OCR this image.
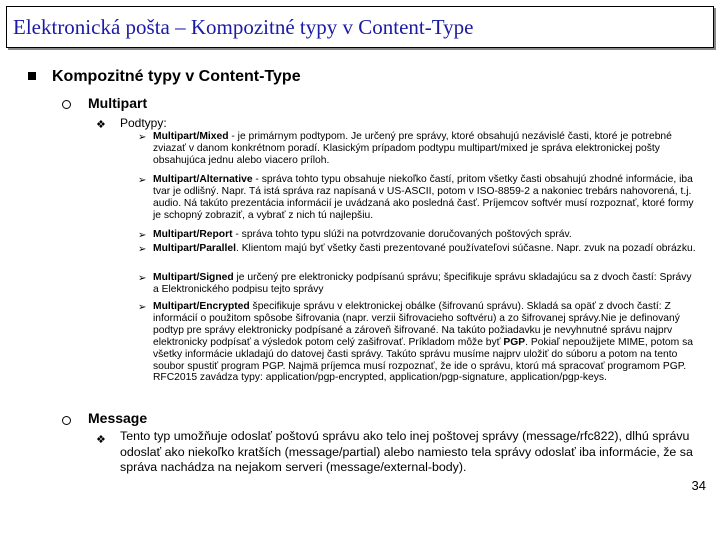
Elektronická pošta – Kompozitné typy v Content-Type
Kompozitné typy v Content-Type
Multipart
❖ Podtypy:
➢ Multipart/Mixed - je primárnym podtypom. Je určený pre správy, ktoré obsahujú nezávislé časti, ktoré je potrebné zviazať v danom konkrétnom poradí. Klasickým prípadom podtypu multipart/mixed je správa elektronickej pošty obsahujúca jednu alebo viacero príloh.

➢ Multipart/Alternative - správa tohto typu obsahuje niekoľko častí, pritom všetky časti obsahujú zhodné informácie, iba tvar je odlišný. Napr. Tá istá správa raz napísaná v US-ASCII, potom v ISO-8859-2 a nakoniec trebárs nahovorená, t.j. audio. Ná takúto prezentácia informácií je uvádzaná ako posledná časť. Príjemcov softvér musí rozpoznať, ktoré formy je schopný zobraziť, a vybrať z nich tú najlepšiu.

➢ Multipart/Report - správa tohto typu slúži na potvrdzovanie doručovaných poštových správ.

➢ Multipart/Parallel. Klientom majú byť všetky časti prezentované používateľovi súčasne. Napr. zvuk na pozadí obrázku.

➢ Multipart/Signed je určený pre elektronicky podpísanú správu; špecifikuje správu skladajúcu sa z dvoch častí: Správy a Elektronického podpisu tejto správy

➢ Multipart/Encrypted špecifikuje správu v elektronickej obálke (šifrovanú správu). Skladá sa opäť z dvoch častí: Z informácií o použitom spôsobe šifrovania (napr. verzii šifrovacieho softvéru) a zo šifrovanej správy.Nie je definovaný podtyp pre správy elektronicky podpísané a zároveň šifrované. Na takúto požiadavku je nevyhnutné správu najprv elektronicky podpísať a výsledok potom celý zašifrovať. Príkladom môže byť PGP. Pokiaľ nepoužijete MIME, potom sa všetky informácie ukladajú do datovej časti správy. Takúto správu musíme najprv uložiť do súboru a potom na tento soubor spustiť program PGP. Najmä príjemca musí rozpoznať, že ide o správu, ktorú má spracovať programom PGP. RFC2015 zavádza typy: application/pgp-encrypted, application/pgp-signature, application/pgp-keys.

Message
❖ Tento typ umožňuje odoslať poštovú správu ako telo inej poštovej správy (message/rfc822), dlhú správu odoslať ako niekoľko kratších (message/partial) alebo namiesto tela správy odoslať iba informácie, že sa správa nachádza na nejakom serveri (message/external-body).

34
